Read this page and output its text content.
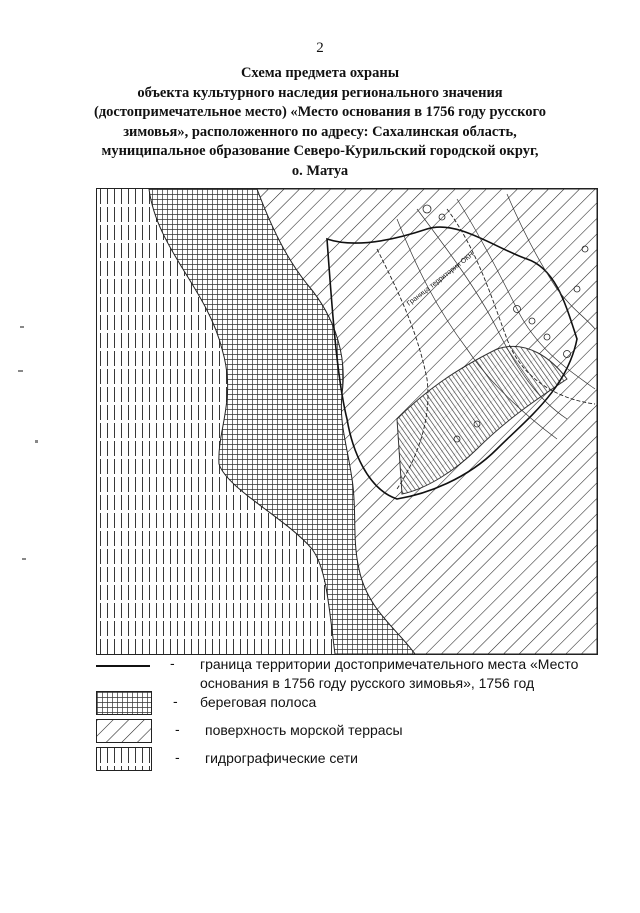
2
Схема предмета охраны
объекта культурного наследия регионального значения
(достопримечательное место) «Место основания в 1756 году русского
зимовья», расположенного по адресу: Сахалинская область,
муниципальное образование Северо-Курильский городской округ,
о. Матуа
Граница территории ОКН
- граница территории достопримечательного места «Место
основания в 1756 году русского зимовья», 1756 год
- береговая полоса
- поверхность морской террасы
- гидрографические сети
